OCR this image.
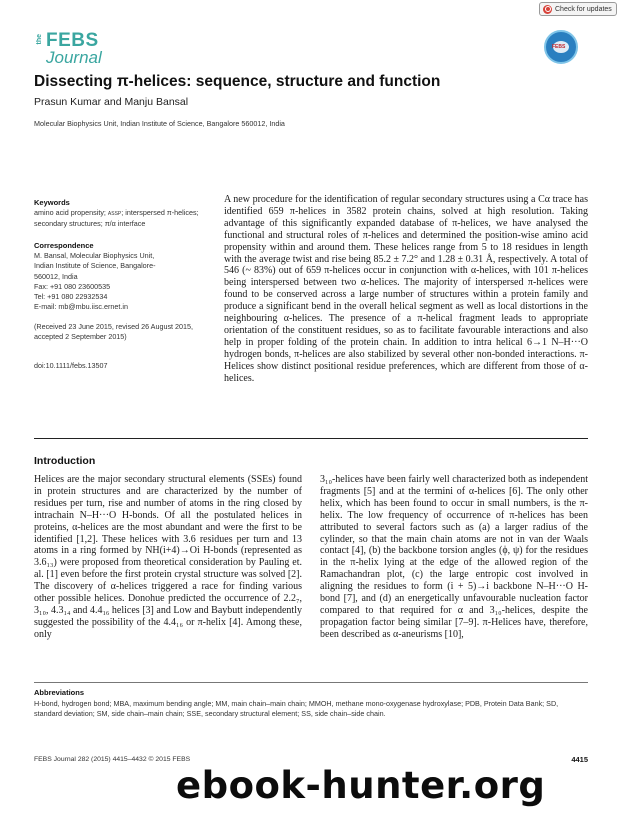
Check for updates
the FEBS
Journal
FEBS
Dissecting π-helices: sequence, structure and function
Prasun Kumar and Manju Bansal
Molecular Biophysics Unit, Indian Institute of Science, Bangalore 560012, India
Keywords
amino acid propensity; assp; interspersed π-helices; secondary structures; π/α interface
Correspondence
M. Bansal, Molecular Biophysics Unit,
Indian Institute of Science, Bangalore-
560012, India
Fax: +91 080 23600535
Tel: +91 080 22932534
E-mail: mb@mbu.iisc.ernet.in
(Received 23 June 2015, revised 26 August 2015, accepted 2 September 2015)
doi:10.1111/febs.13507
A new procedure for the identification of regular secondary structures using a Cα trace has identified 659 π-helices in 3582 protein chains, solved at high resolution. Taking advantage of this significantly expanded database of π-helices, we have analysed the functional and structural roles of π-helices and determined the position-wise amino acid propensity within and around them. These helices range from 5 to 18 residues in length with the average twist and rise being 85.2 ± 7.2° and 1.28 ± 0.31 Å, respectively. A total of 546 (~ 83%) out of 659 π-helices occur in conjunction with α-helices, with 101 π-helices being interspersed between two α-helices. The majority of interspersed π-helices were found to be conserved across a large number of structures within a protein family and produce a significant bend in the overall helical segment as well as local distortions in the neighbouring α-helices. The presence of a π-helical fragment leads to appropriate orientation of the constituent residues, so as to facilitate favourable interactions and also help in proper folding of the protein chain. In addition to intra helical 6→1 N–H···O hydrogen bonds, π-helices are also stabilized by several other non-bonded interactions. π-Helices show distinct positional residue preferences, which are different from those of α-helices.
Introduction
Helices are the major secondary structural elements (SSEs) found in protein structures and are characterized by the number of residues per turn, rise and number of atoms in the ring closed by intrachain N–H···O H-bonds. Of all the postulated helices in proteins, α-helices are the most abundant and were the first to be identified [1,2]. These helices with 3.6 residues per turn and 13 atoms in a ring formed by NH(i+4)→Oi H-bonds (represented as 3.6₁₃) were proposed from theoretical consideration by Pauling et. al. [1] even before the first protein crystal structure was solved [2]. The discovery of α-helices triggered a race for finding various other possible helices. Donohue predicted the occurrence of 2.2₇, 3₁₀, 4.3₁₄ and 4.4₁₆ helices [3] and Low and Baybutt independently suggested the possibility of the 4.4₁₆ or π-helix [4]. Among these, only
3₁₀-helices have been fairly well characterized both as independent fragments [5] and at the termini of α-helices [6]. The only other helix, which has been found to occur in small numbers, is the π-helix. The low frequency of occurrence of π-helices has been attributed to several factors such as (a) a larger radius of the cylinder, so that the main chain atoms are not in van der Waals contact [4], (b) the backbone torsion angles (ϕ, ψ) for the residues in the π-helix lying at the edge of the allowed region of the Ramachandran plot, (c) the large entropic cost involved in aligning the residues to form (i + 5)→i backbone N–H···O H-bond [7], and (d) an energetically unfavourable nucleation factor compared to that required for α and 3₁₀-helices, despite the propagation factor being similar [7–9]. π-Helices have, therefore, been described as α-aneurisms [10],
Abbreviations
H-bond, hydrogen bond; MBA, maximum bending angle; MM, main chain–main chain; MMOH, methane mono-oxygenase hydroxylase; PDB, Protein Data Bank; SD, standard deviation; SM, side chain–main chain; SSE, secondary structural element; SS, side chain–side chain.
FEBS Journal 282 (2015) 4415–4432 © 2015 FEBS	4415
ebook-hunter.org
